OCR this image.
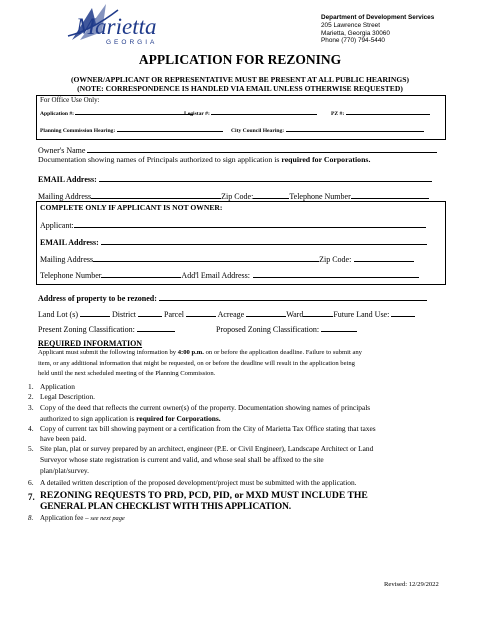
Marietta
GEORGIA
Department of Development Services
205 Lawrence Street
Marietta, Georgia 30060
Phone (770) 794-5440
APPLICATION FOR REZONING
(OWNER/APPLICANT OR REPRESENTATIVE MUST BE PRESENT AT ALL PUBLIC HEARINGS)
(NOTE: CORRESPONDENCE IS HANDLED VIA EMAIL UNLESS OTHERWISE REQUESTED)
For Office Use Only:
Application #:	Legistar #:	PZ #:
Planning Commission Hearing:	City Council Hearing:
Owner's Name
Documentation showing names of Principals authorized to sign application is required for Corporations.
EMAIL Address:
Mailing Address	Zip Code:	Telephone Number
COMPLETE ONLY IF APPLICANT IS NOT OWNER:
Applicant:
EMAIL Address:
Mailing Address	Zip Code:
Telephone Number	Add'l Email Address:
Address of property to be rezoned:
Land Lot (s)	District	Parcel	Acreage	Ward	Future Land Use:
Present Zoning Classification:	Proposed Zoning Classification:
REQUIRED INFORMATION
Applicant must submit the following information by 4:00 p.m. on or before the application deadline. Failure to submit any
item, or any additional information that might be requested, on or before the deadline will result in the application being
held until the next scheduled meeting of the Planning Commission.
1. Application
2. Legal Description.
3. Copy of the deed that reflects the current owner(s) of the property. Documentation showing names of principals
authorized to sign application is required for Corporations.
4. Copy of current tax bill showing payment or a certification from the City of Marietta Tax Office stating that taxes
have been paid.
5. Site plan, plat or survey prepared by an architect, engineer (P.E. or Civil Engineer), Landscape Architect or Land
Surveyor whose state registration is current and valid, and whose seal shall be affixed to the site
plan/plat/survey.
6. A detailed written description of the proposed development/project must be submitted with the application.
7. REZONING REQUESTS TO PRD, PCD, PID, or MXD MUST INCLUDE THE
GENERAL PLAN CHECKLIST WITH THIS APPLICATION.
8. Application fee – see next page
Revised: 12/29/2022
